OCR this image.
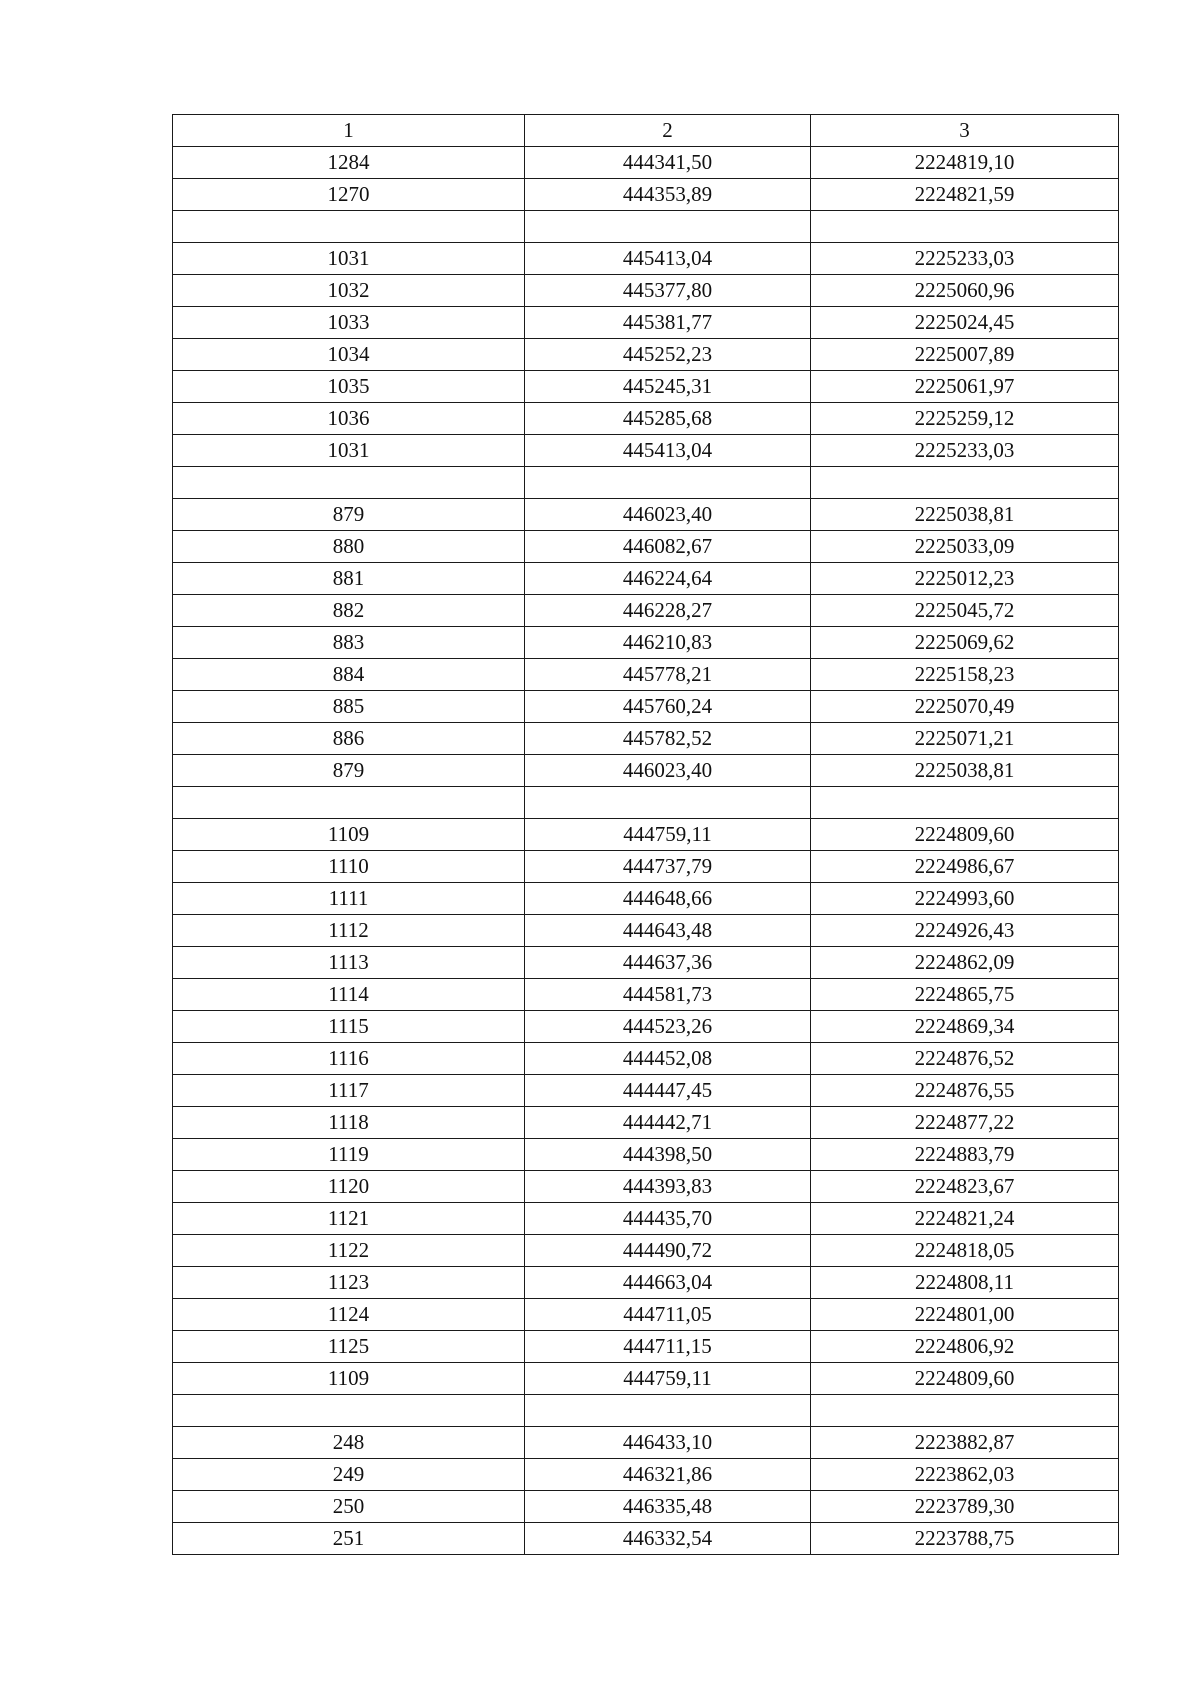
1	2	3
1284	444341,50	2224819,10
1270	444353,89	2224821,59

1031	445413,04	2225233,03
1032	445377,80	2225060,96
1033	445381,77	2225024,45
1034	445252,23	2225007,89
1035	445245,31	2225061,97
1036	445285,68	2225259,12
1031	445413,04	2225233,03

879	446023,40	2225038,81
880	446082,67	2225033,09
881	446224,64	2225012,23
882	446228,27	2225045,72
883	446210,83	2225069,62
884	445778,21	2225158,23
885	445760,24	2225070,49
886	445782,52	2225071,21
879	446023,40	2225038,81

1109	444759,11	2224809,60
1110	444737,79	2224986,67
1111	444648,66	2224993,60
1112	444643,48	2224926,43
1113	444637,36	2224862,09
1114	444581,73	2224865,75
1115	444523,26	2224869,34
1116	444452,08	2224876,52
1117	444447,45	2224876,55
1118	444442,71	2224877,22
1119	444398,50	2224883,79
1120	444393,83	2224823,67
1121	444435,70	2224821,24
1122	444490,72	2224818,05
1123	444663,04	2224808,11
1124	444711,05	2224801,00
1125	444711,15	2224806,92
1109	444759,11	2224809,60

248	446433,10	2223882,87
249	446321,86	2223862,03
250	446335,48	2223789,30
251	446332,54	2223788,75
